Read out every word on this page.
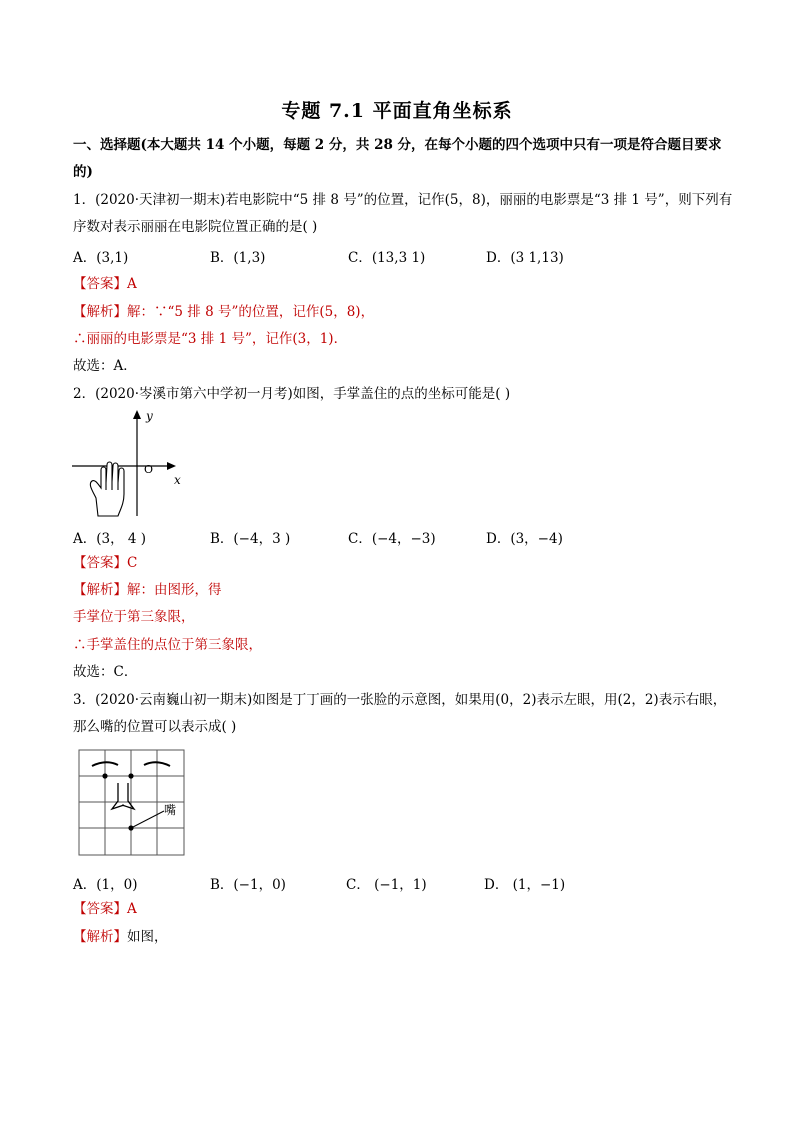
专题 7.1 平面直角坐标系
一、选择题(本大题共 14 个小题，每题 2 分，共 28 分，在每个小题的四个选项中只有一项是符合题目要求
的)
1．(2020·天津初一期末)若电影院中“5 排 8 号”的位置，记作(5，8)，丽丽的电影票是“3 排 1 号”，则下列有
序数对表示丽丽在电影院位置正确的是( )
A．(3,1)	B．(1,3)	C．(13,3 1)	D．(3 1,13)
【答案】A
【解析】解：∵“5 排 8 号”的位置，记作(5，8)，
∴丽丽的电影票是“3 排 1 号”，记作(3，1)．
故选：A．
2．(2020·岑溪市第六中学初一月考)如图，手掌盖住的点的坐标可能是( )
y
x
O
A．(3， 4 )	B．(−4，3 )	C．(−4，−3)	D．(3，−4)
【答案】C
【解析】解：由图形，得
手掌位于第三象限，
∴手掌盖住的点位于第三象限，
故选：C．
3．(2020·云南巍山初一期末)如图是丁丁画的一张脸的示意图，如果用(0，2)表示左眼，用(2，2)表示右眼，
那么嘴的位置可以表示成( )
嘴
A．(1，0)	B．(−1，0)	C． (−1，1)	D． (1，−1)
【答案】A
【解析】如图，
